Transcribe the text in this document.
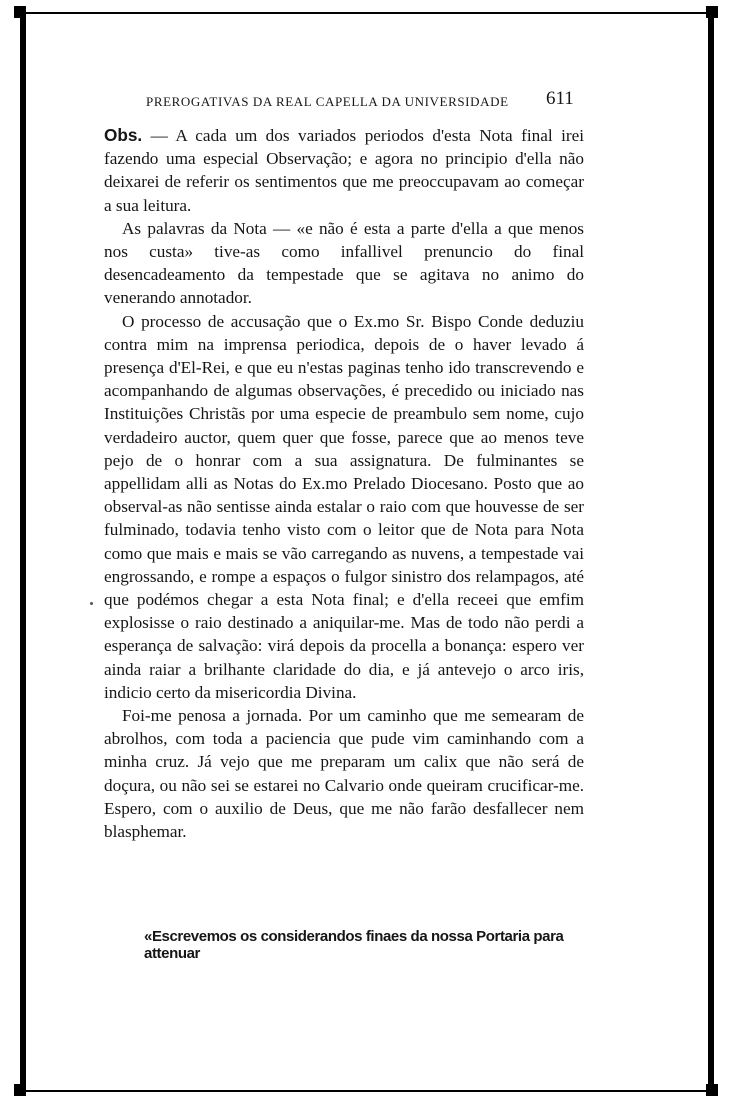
PREROGATIVAS DA REAL CAPELLA DA UNIVERSIDADE	611

Obs. — A cada um dos variados periodos d'esta Nota final irei fazendo uma especial Observação; e agora no principio d'ella não deixarei de referir os sentimentos que me preoccupavam ao começar a sua leitura.

As palavras da Nota — «e não é esta a parte d'ella a que menos nos custa» tive-as como infallivel prenuncio do final desencadeamento da tempestade que se agitava no animo do venerando annotador.

O processo de accusação que o Ex.mo Sr. Bispo Conde deduziu contra mim na imprensa periodica, depois de o haver levado á presença d'El-Rei, e que eu n'estas paginas tenho ido transcrevendo e acompanhando de algumas observações, é precedido ou iniciado nas Instituições Christãs por uma especie de preambulo sem nome, cujo verdadeiro auctor, quem quer que fosse, parece que ao menos teve pejo de o honrar com a sua assignatura. De fulminantes se appellidam alli as Notas do Ex.mo Prelado Diocesano. Posto que ao observal-as não sentisse ainda estalar o raio com que houvesse de ser fulminado, todavia tenho visto com o leitor que de Nota para Nota como que mais e mais se vão carregando as nuvens, a tempestade vai engrossando, e rompe a espaços o fulgor sinistro dos relampagos, até que podémos chegar a esta Nota final; e d'ella receei que emfim explosisse o raio destinado a aniquilar-me. Mas de todo não perdi a esperança de salvação: virá depois da procella a bonança: espero ver ainda raiar a brilhante claridade do dia, e já antevejo o arco iris, indicio certo da misericordia Divina.

Foi-me penosa a jornada. Por um caminho que me semearam de abrolhos, com toda a paciencia que pude vim caminhando com a minha cruz. Já vejo que me preparam um calix que não será de doçura, ou não sei se estarei no Calvario onde queiram crucificar-me. Espero, com o auxilio de Deus, que me não farão desfallecer nem blasphemar.

«Escrevemos os considerandos finaes da nossa Portaria para attenuar
